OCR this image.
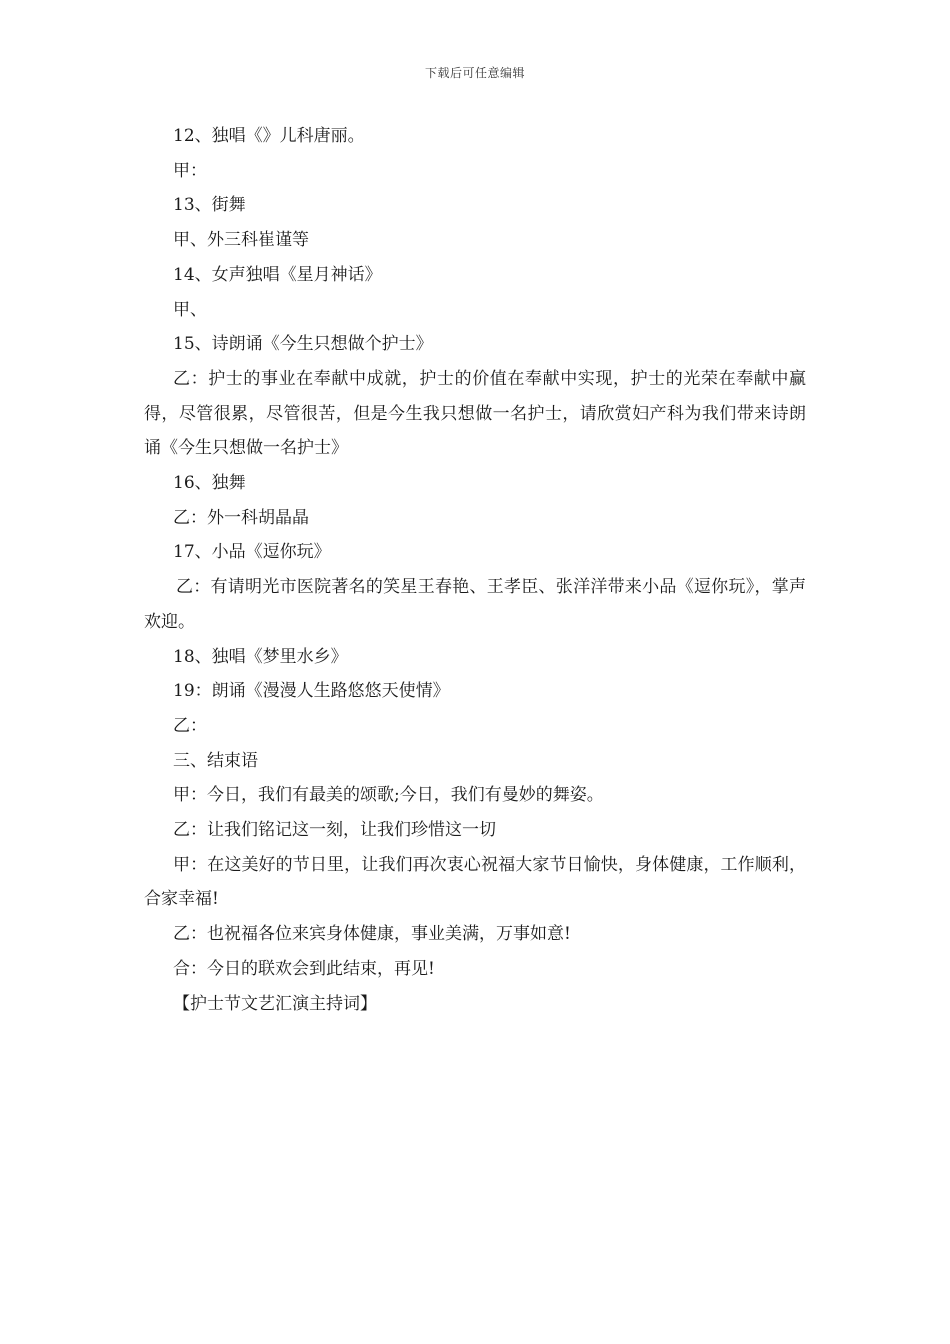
下载后可任意编辑

12、独唱《》儿科唐丽。

甲：

13、街舞

甲、外三科崔谨等

14、女声独唱《星月神话》

甲、

15、诗朗诵《今生只想做个护士》

乙：护士的事业在奉献中成就，护士的价值在奉献中实现，护士的光荣在奉献中赢得，尽管很累，尽管很苦，但是今生我只想做一名护士，请欣赏妇产科为我们带来诗朗诵《今生只想做一名护士》

16、独舞

乙：外一科胡晶晶

17、小品《逗你玩》

乙：有请明光市医院著名的笑星王春艳、王孝臣、张洋洋带来小品《逗你玩》，掌声欢迎。

18、独唱《梦里水乡》

19：朗诵《漫漫人生路悠悠天使情》

乙：

三、结束语

甲：今日，我们有最美的颂歌;今日，我们有曼妙的舞姿。

乙：让我们铭记这一刻，让我们珍惜这一切

甲：在这美好的节日里，让我们再次衷心祝福大家节日愉快，身体健康，工作顺利，合家幸福!

乙：也祝福各位来宾身体健康，事业美满，万事如意!

合：今日的联欢会到此结束，再见!

【护士节文艺汇演主持词】
